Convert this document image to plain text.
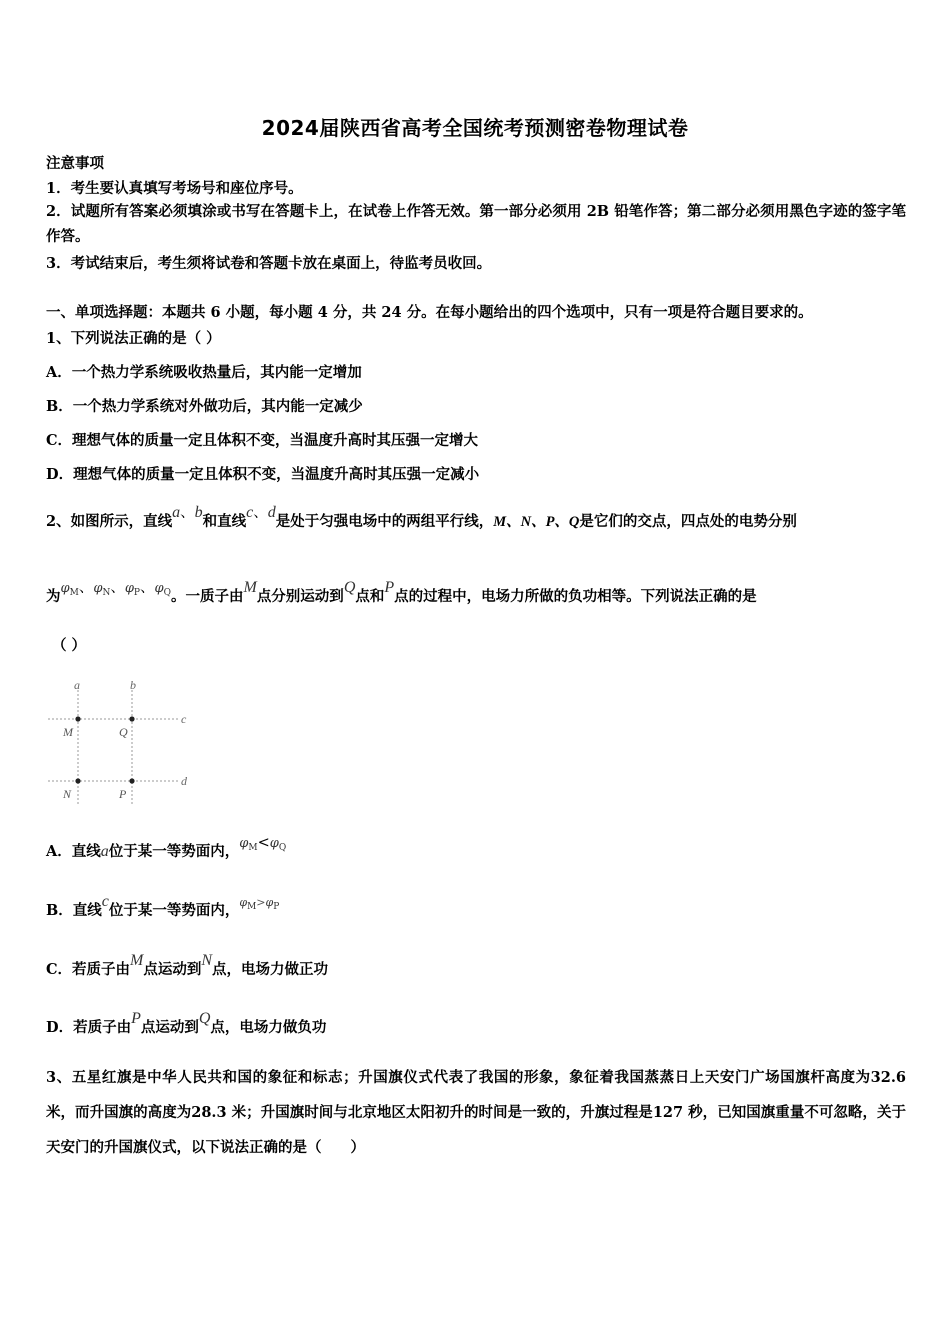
2024届陕西省高考全国统考预测密卷物理试卷
注意事项
1．考生要认真填写考场号和座位序号。
2．试题所有答案必须填涂或书写在答题卡上，在试卷上作答无效。第一部分必须用 2B 铅笔作答；第二部分必须用黑色字迹的签字笔作答。
3．考试结束后，考生须将试卷和答题卡放在桌面上，待监考员收回。
一、单项选择题：本题共 6 小题，每小题 4 分，共 24 分。在每小题给出的四个选项中，只有一项是符合题目要求的。
1、下列说法正确的是（ ）
A．一个热力学系统吸收热量后，其内能一定增加
B．一个热力学系统对外做功后，其内能一定减少
C．理想气体的质量一定且体积不变，当温度升高时其压强一定增大
D．理想气体的质量一定且体积不变，当温度升高时其压强一定减小
2、如图所示，直线a、b和直线c、d是处于匀强电场中的两组平行线，M、N、P、Q是它们的交点，四点处的电势分别
为$\varphi_M$、$\varphi_N$、$\varphi_P$、$\varphi_Q$。一质子由M点分别运动到Q点和P点的过程中，电场力所做的负功相等。下列说法正确的是
（ ）
a	b
c
d
M	Q
N	P
A．直线a位于某一等势面内，$\varphi_M<\varphi_Q$
B．直线c位于某一等势面内，$^{\varphi_M>\varphi_P}$
C．若质子由M点运动到N点，电场力做正功
D．若质子由P点运动到Q点，电场力做负功
3、五星红旗是中华人民共和国的象征和标志；升国旗仪式代表了我国的形象，象征着我国蒸蒸日上天安门广场国旗杆高度为32.6 米，而升国旗的高度为28.3 米；升国旗时间与北京地区太阳初升的时间是一致的，升旗过程是127 秒，已知国旗重量不可忽略，关于天安门的升国旗仪式，以下说法正确的是（　　）
